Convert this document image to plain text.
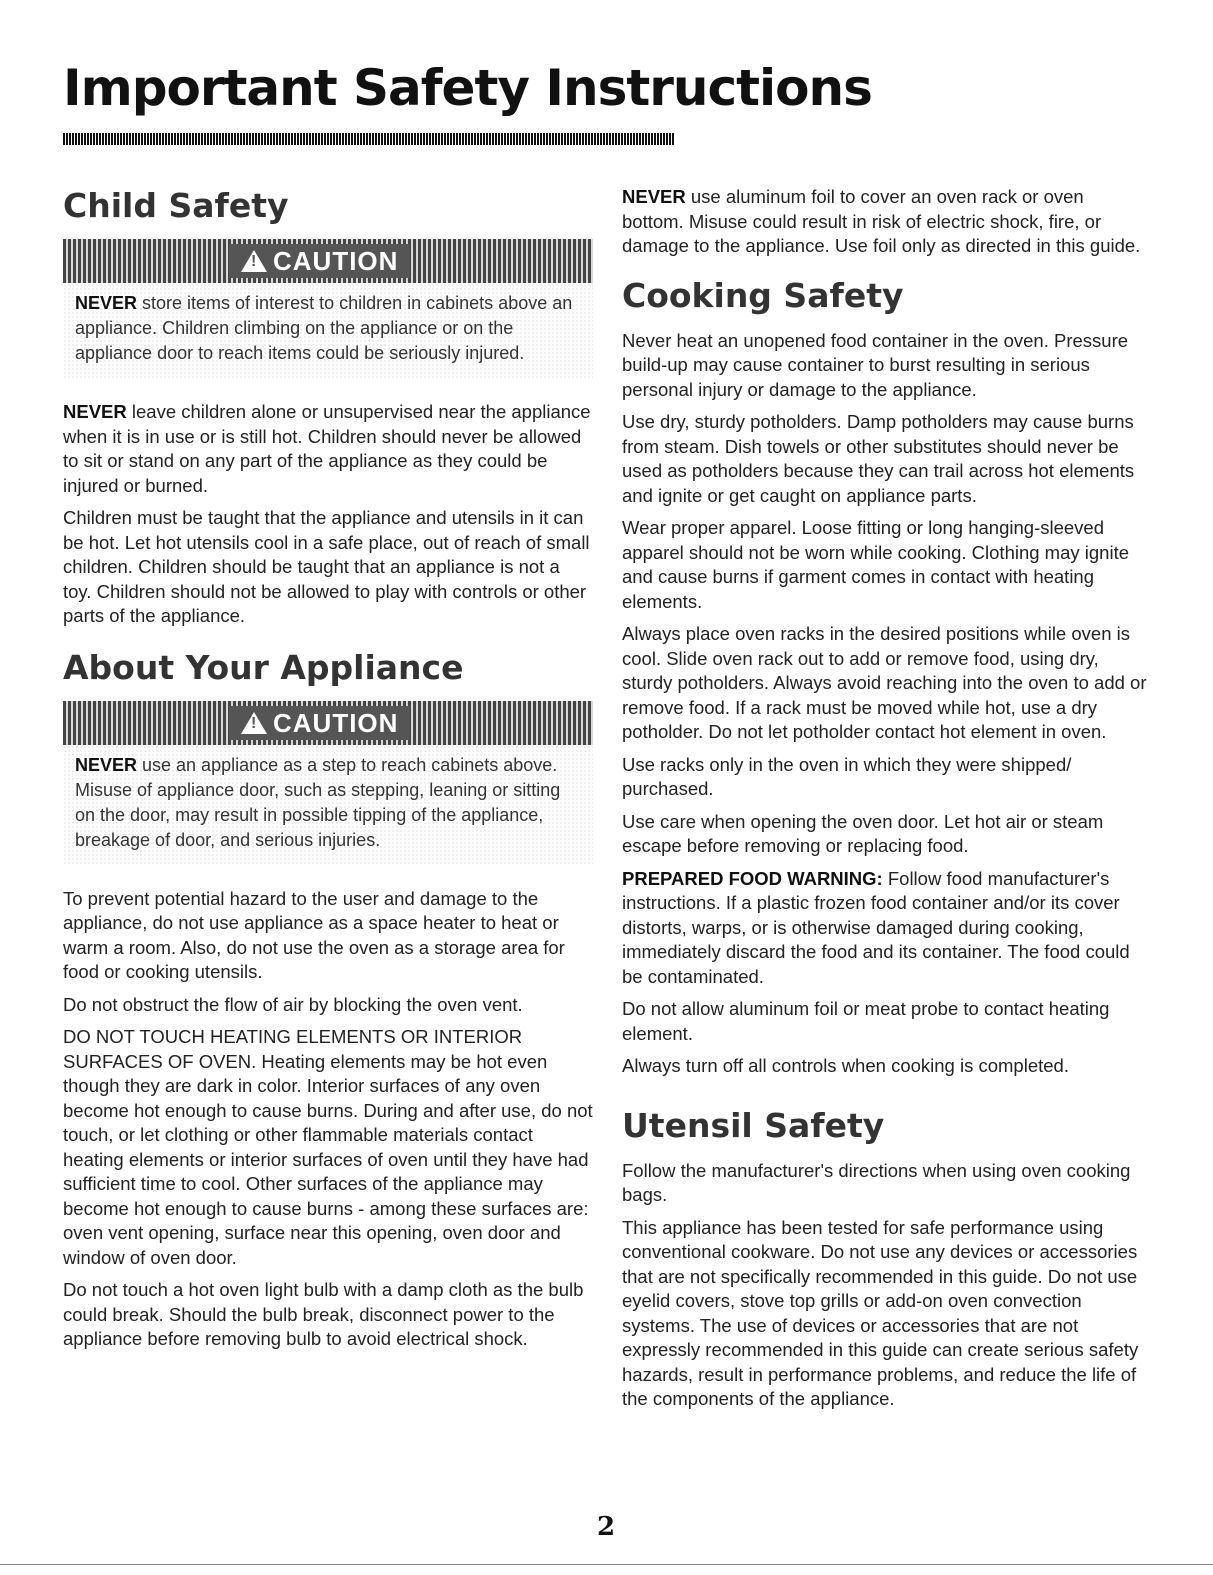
Important Safety Instructions
Child Safety
!CAUTION

NEVER store items of interest to children in cabinets above an appliance. Children climbing on the appliance or on the appliance door to reach items could be seriously injured.

NEVER leave children alone or unsupervised near the appliance when it is in use or is still hot. Children should never be allowed to sit or stand on any part of the appliance as they could be injured or burned.

Children must be taught that the appliance and utensils in it can be hot. Let hot utensils cool in a safe place, out of reach of small children. Children should be taught that an appliance is not a toy. Children should not be allowed to play with controls or other parts of the appliance.

About Your Appliance
!CAUTION

NEVER use an appliance as a step to reach cabinets above. Misuse of appliance door, such as stepping, leaning or sitting on the door, may result in possible tipping of the appliance, breakage of door, and serious injuries.

To prevent potential hazard to the user and damage to the appliance, do not use appliance as a space heater to heat or warm a room. Also, do not use the oven as a storage area for food or cooking utensils.

Do not obstruct the flow of air by blocking the oven vent.

DO NOT TOUCH HEATING ELEMENTS OR INTERIOR SURFACES OF OVEN. Heating elements may be hot even though they are dark in color. Interior surfaces of any oven become hot enough to cause burns. During and after use, do not touch, or let clothing or other flammable materials contact heating elements or interior surfaces of oven until they have had sufficient time to cool. Other surfaces of the appliance may become hot enough to cause burns - among these surfaces are: oven vent opening, surface near this opening, oven door and window of oven door.

Do not touch a hot oven light bulb with a damp cloth as the bulb could break. Should the bulb break, disconnect power to the appliance before removing bulb to avoid electrical shock.

NEVER use aluminum foil to cover an oven rack or oven bottom. Misuse could result in risk of electric shock, fire, or damage to the appliance. Use foil only as directed in this guide.

Cooking Safety

Never heat an unopened food container in the oven. Pressure build-up may cause container to burst resulting in serious personal injury or damage to the appliance.

Use dry, sturdy potholders. Damp potholders may cause burns from steam. Dish towels or other substitutes should never be used as potholders because they can trail across hot elements and ignite or get caught on appliance parts.

Wear proper apparel. Loose fitting or long hanging-sleeved apparel should not be worn while cooking. Clothing may ignite and cause burns if garment comes in contact with heating elements.

Always place oven racks in the desired positions while oven is cool. Slide oven rack out to add or remove food, using dry, sturdy potholders. Always avoid reaching into the oven to add or remove food. If a rack must be moved while hot, use a dry potholder. Do not let potholder contact hot element in oven.

Use racks only in the oven in which they were shipped/ purchased.

Use care when opening the oven door. Let hot air or steam escape before removing or replacing food.

PREPARED FOOD WARNING: Follow food manufacturer's instructions. If a plastic frozen food container and/or its cover distorts, warps, or is otherwise damaged during cooking, immediately discard the food and its container. The food could be contaminated.

Do not allow aluminum foil or meat probe to contact heating element.

Always turn off all controls when cooking is completed.

Utensil Safety

Follow the manufacturer's directions when using oven cooking bags.

This appliance has been tested for safe performance using conventional cookware. Do not use any devices or accessories that are not specifically recommended in this guide. Do not use eyelid covers, stove top grills or add-on oven convection systems. The use of devices or accessories that are not expressly recommended in this guide can create serious safety hazards, result in performance problems, and reduce the life of the components of the appliance.

2
